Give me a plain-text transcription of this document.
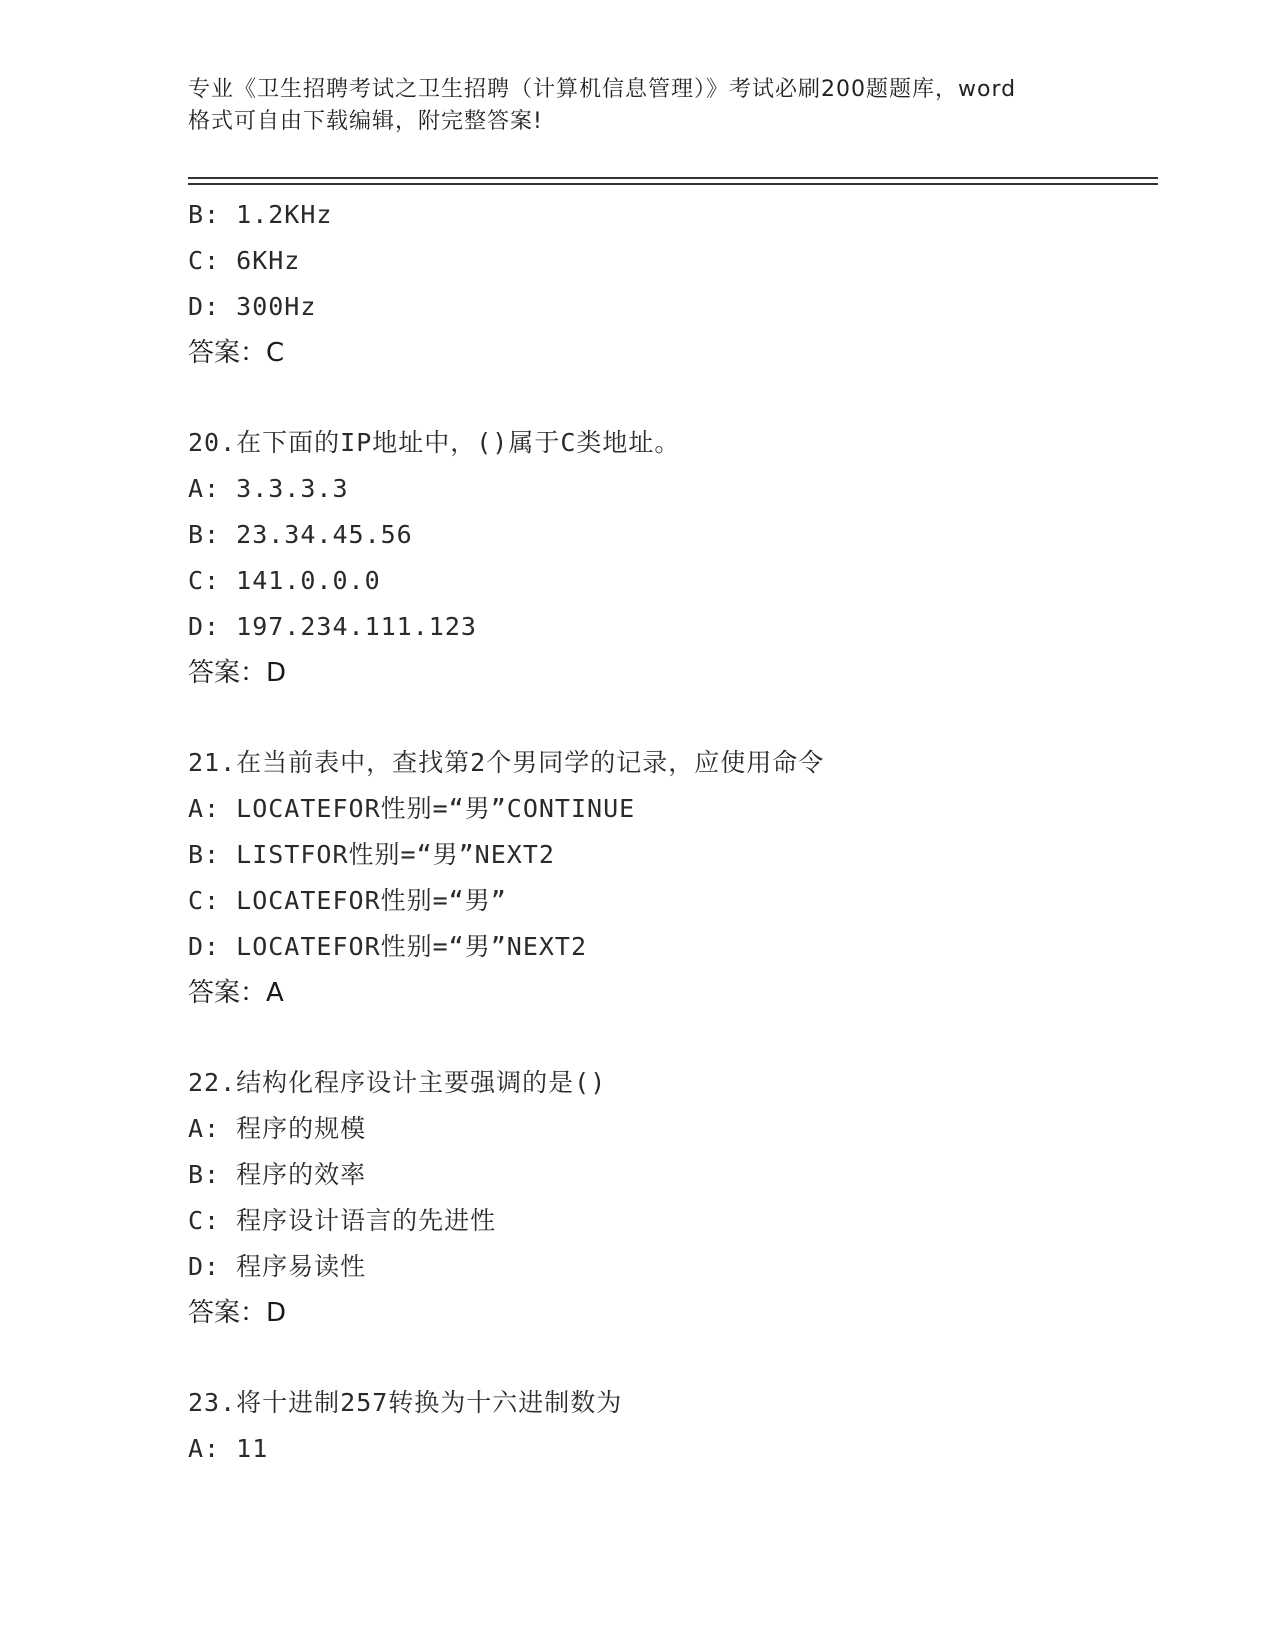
专业《卫生招聘考试之卫生招聘（计算机信息管理）》考试必刷200题题库，word
格式可自由下载编辑，附完整答案!
B: 1.2KHz
C: 6KHz
D: 300Hz
答案：C
20.在下面的IP地址中，()属于C类地址。
A: 3.3.3.3
B: 23.34.45.56
C: 141.0.0.0
D: 197.234.111.123
答案：D
21.在当前表中，查找第2个男同学的记录，应使用命令
A: LOCATEFOR性别=“男”CONTINUE
B: LISTFOR性别=“男”NEXT2
C: LOCATEFOR性别=“男”
D: LOCATEFOR性别=“男”NEXT2
答案：A
22.结构化程序设计主要强调的是()
A: 程序的规模
B: 程序的效率
C: 程序设计语言的先进性
D: 程序易读性
答案：D
23.将十进制257转换为十六进制数为
A: 11
